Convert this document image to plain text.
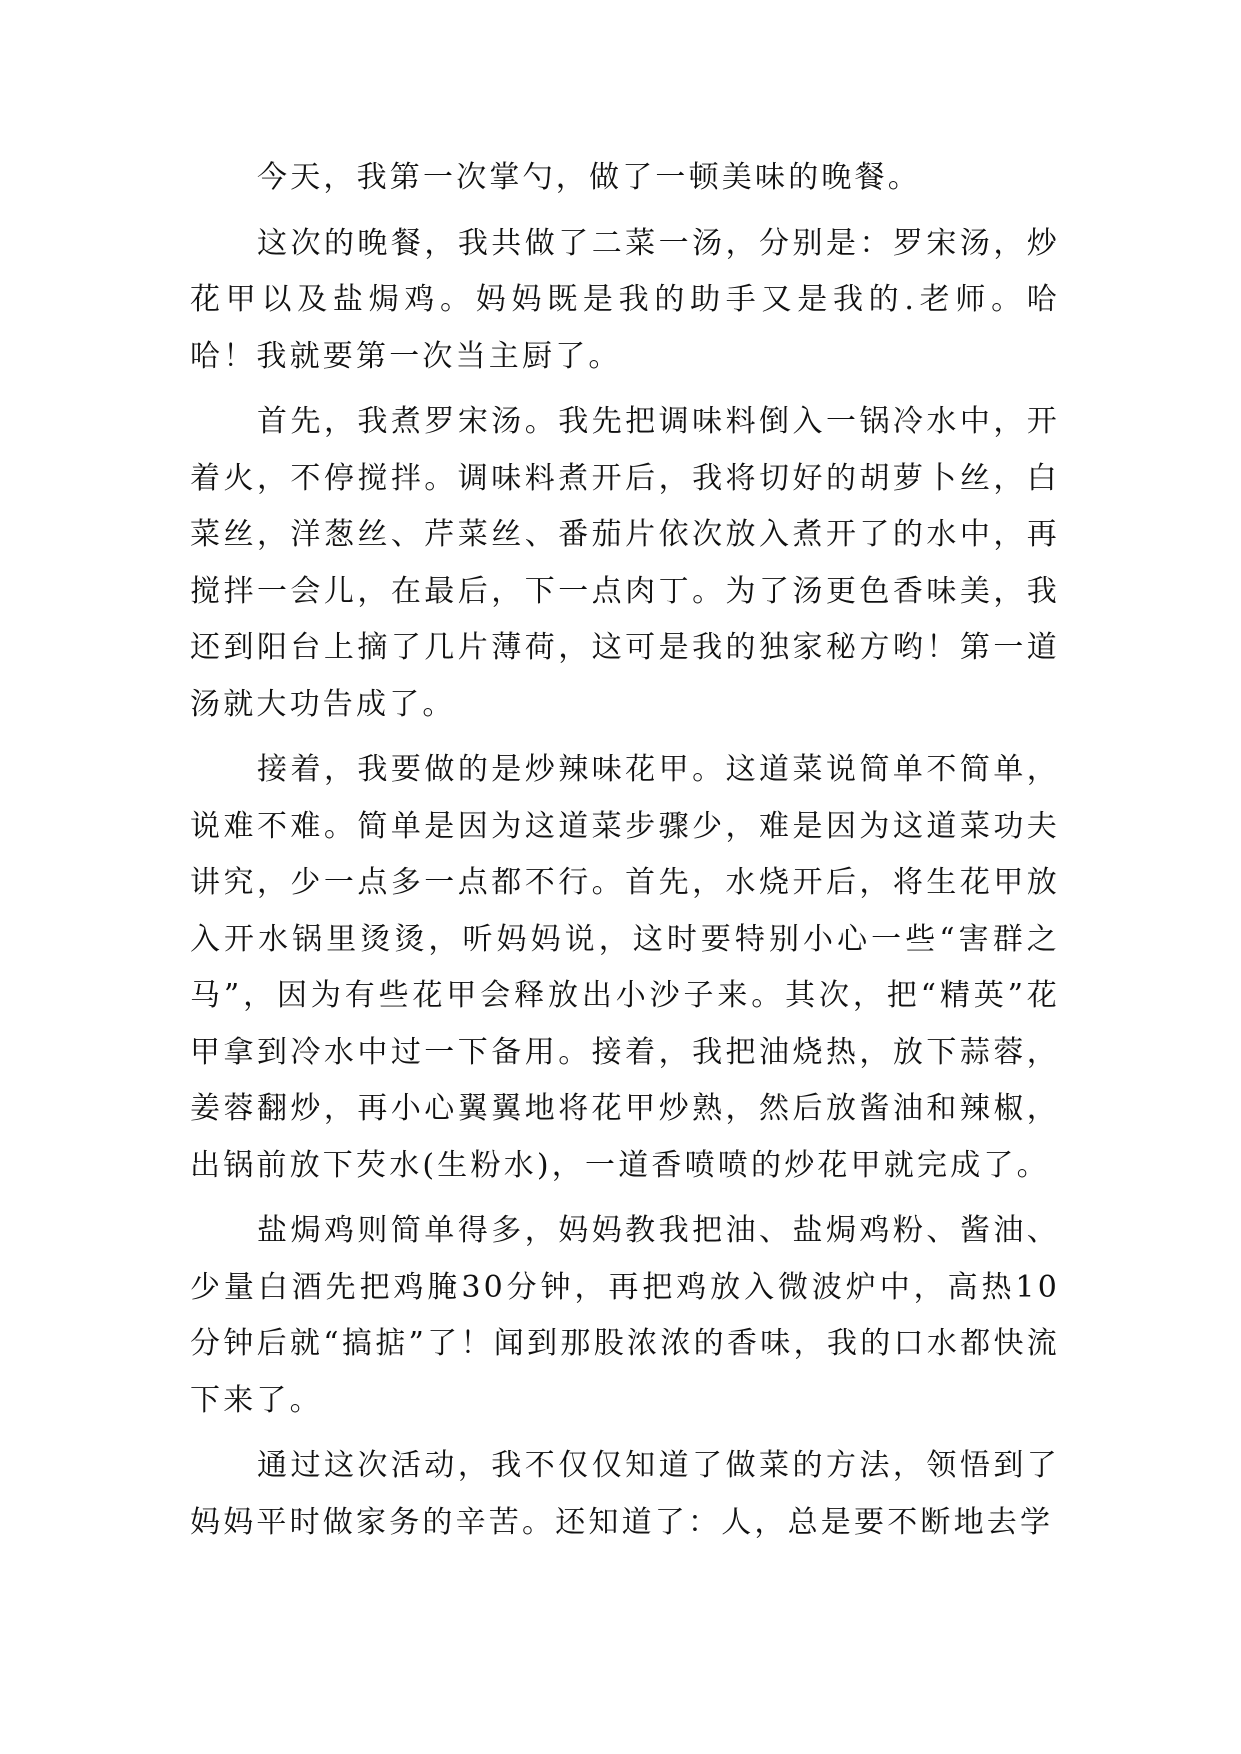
今天，我第一次掌勺，做了一顿美味的晚餐。

这次的晚餐，我共做了二菜一汤，分别是：罗宋汤，炒花甲以及盐焗鸡。妈妈既是我的助手又是我的.老师。哈哈！我就要第一次当主厨了。

首先，我煮罗宋汤。我先把调味料倒入一锅冷水中，开着火，不停搅拌。调味料煮开后，我将切好的胡萝卜丝，白菜丝，洋葱丝、芹菜丝、番茄片依次放入煮开了的水中，再搅拌一会儿，在最后，下一点肉丁。为了汤更色香味美，我还到阳台上摘了几片薄荷，这可是我的独家秘方哟！第一道汤就大功告成了。

接着，我要做的是炒辣味花甲。这道菜说简单不简单，说难不难。简单是因为这道菜步骤少，难是因为这道菜功夫讲究，少一点多一点都不行。首先，水烧开后，将生花甲放入开水锅里烫烫，听妈妈说，这时要特别小心一些“害群之马”，因为有些花甲会释放出小沙子来。其次，把“精英”花甲拿到冷水中过一下备用。接着，我把油烧热，放下蒜蓉，姜蓉翻炒，再小心翼翼地将花甲炒熟，然后放酱油和辣椒，出锅前放下芡水(生粉水)，一道香喷喷的炒花甲就完成了。

盐焗鸡则简单得多，妈妈教我把油、盐焗鸡粉、酱油、少量白酒先把鸡腌30分钟，再把鸡放入微波炉中，高热10分钟后就“搞掂”了！闻到那股浓浓的香味，我的口水都快流下来了。

通过这次活动，我不仅仅知道了做菜的方法，领悟到了妈妈平时做家务的辛苦。还知道了：人，总是要不断地去学
